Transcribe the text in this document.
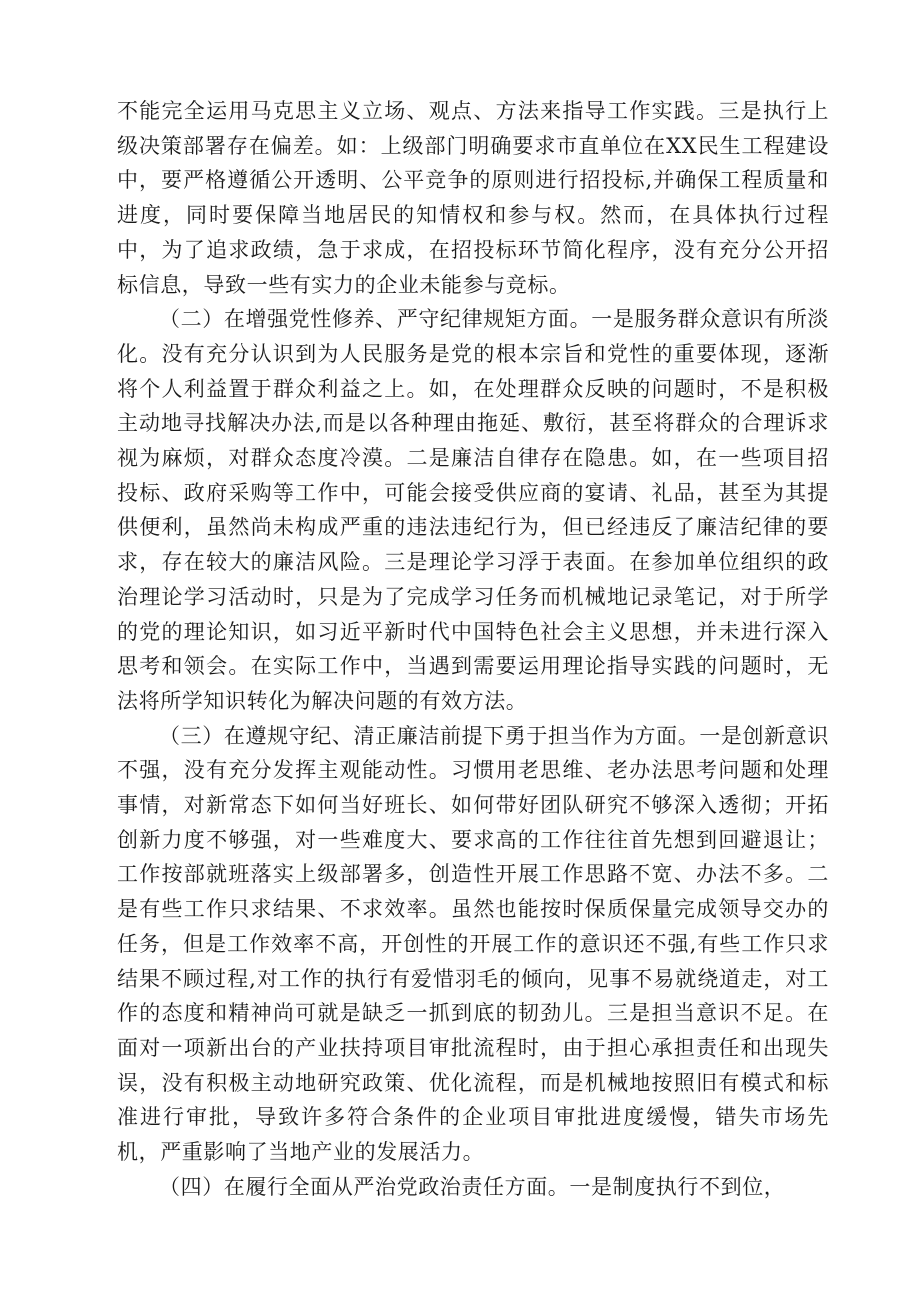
不能完全运用马克思主义立场、观点、方法来指导工作实践。三是执行上级决策部署存在偏差。如：上级部门明确要求市直单位在XX民生工程建设中，要严格遵循公开透明、公平竞争的原则进行招投标,并确保工程质量和进度，同时要保障当地居民的知情权和参与权。然而，在具体执行过程中，为了追求政绩，急于求成，在招投标环节简化程序，没有充分公开招标信息，导致一些有实力的企业未能参与竞标。

（二）在增强党性修养、严守纪律规矩方面。一是服务群众意识有所淡化。没有充分认识到为人民服务是党的根本宗旨和党性的重要体现，逐渐将个人利益置于群众利益之上。如，在处理群众反映的问题时，不是积极主动地寻找解决办法,而是以各种理由拖延、敷衍，甚至将群众的合理诉求视为麻烦，对群众态度冷漠。二是廉洁自律存在隐患。如，在一些项目招投标、政府采购等工作中，可能会接受供应商的宴请、礼品，甚至为其提供便利，虽然尚未构成严重的违法违纪行为，但已经违反了廉洁纪律的要求，存在较大的廉洁风险。三是理论学习浮于表面。在参加单位组织的政治理论学习活动时，只是为了完成学习任务而机械地记录笔记，对于所学的党的理论知识，如习近平新时代中国特色社会主义思想，并未进行深入思考和领会。在实际工作中，当遇到需要运用理论指导实践的问题时，无法将所学知识转化为解决问题的有效方法。

（三）在遵规守纪、清正廉洁前提下勇于担当作为方面。一是创新意识不强，没有充分发挥主观能动性。习惯用老思维、老办法思考问题和处理事情，对新常态下如何当好班长、如何带好团队研究不够深入透彻；开拓创新力度不够强，对一些难度大、要求高的工作往往首先想到回避退让；工作按部就班落实上级部署多，创造性开展工作思路不宽、办法不多。二是有些工作只求结果、不求效率。虽然也能按时保质保量完成领导交办的任务，但是工作效率不高，开创性的开展工作的意识还不强,有些工作只求结果不顾过程,对工作的执行有爱惜羽毛的倾向，见事不易就绕道走，对工作的态度和精神尚可就是缺乏一抓到底的韧劲儿。三是担当意识不足。在面对一项新出台的产业扶持项目审批流程时，由于担心承担责任和出现失误，没有积极主动地研究政策、优化流程，而是机械地按照旧有模式和标准进行审批，导致许多符合条件的企业项目审批进度缓慢，错失市场先机，严重影响了当地产业的发展活力。

（四）在履行全面从严治党政治责任方面。一是制度执行不到位，
